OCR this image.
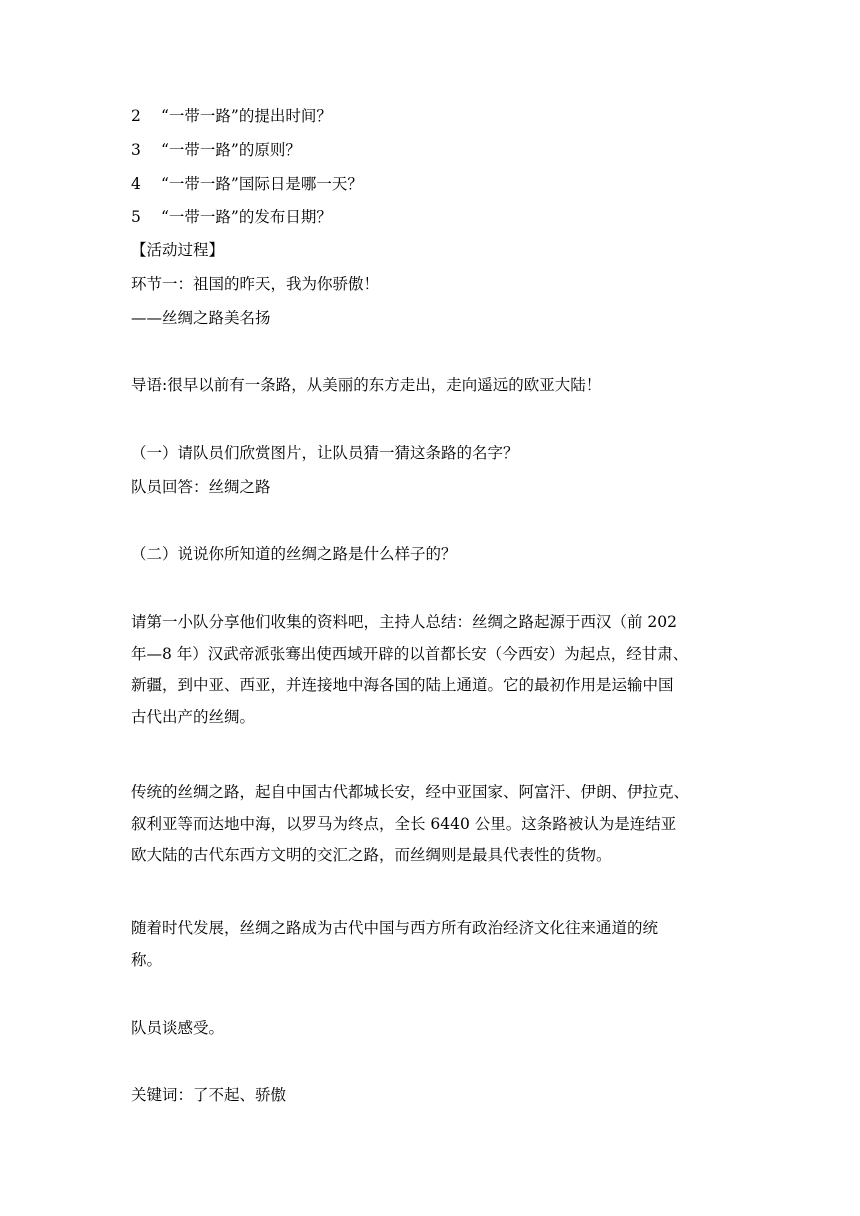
2 “一带一路”的提出时间？
3 “一带一路”的原则？
4 “一带一路”国际日是哪一天？
5 “一带一路”的发布日期？
【活动过程】
环节一：祖国的昨天，我为你骄傲！
——丝绸之路美名扬
导语:很早以前有一条路，从美丽的东方走出，走向遥远的欧亚大陆！
（一）请队员们欣赏图片，让队员猜一猜这条路的名字？
队员回答：丝绸之路
（二）说说你所知道的丝绸之路是什么样子的？
请第一小队分享他们收集的资料吧，主持人总结：丝绸之路起源于西汉（前 202
年—8 年）汉武帝派张骞出使西域开辟的以首都长安（今西安）为起点，经甘肃、
新疆，到中亚、西亚，并连接地中海各国的陆上通道。它的最初作用是运输中国
古代出产的丝绸。
传统的丝绸之路，起自中国古代都城长安，经中亚国家、阿富汗、伊朗、伊拉克、
叙利亚等而达地中海，以罗马为终点，全长 6440 公里。这条路被认为是连结亚
欧大陆的古代东西方文明的交汇之路，而丝绸则是最具代表性的货物。
随着时代发展，丝绸之路成为古代中国与西方所有政治经济文化往来通道的统
称。
队员谈感受。
关键词：了不起、骄傲
